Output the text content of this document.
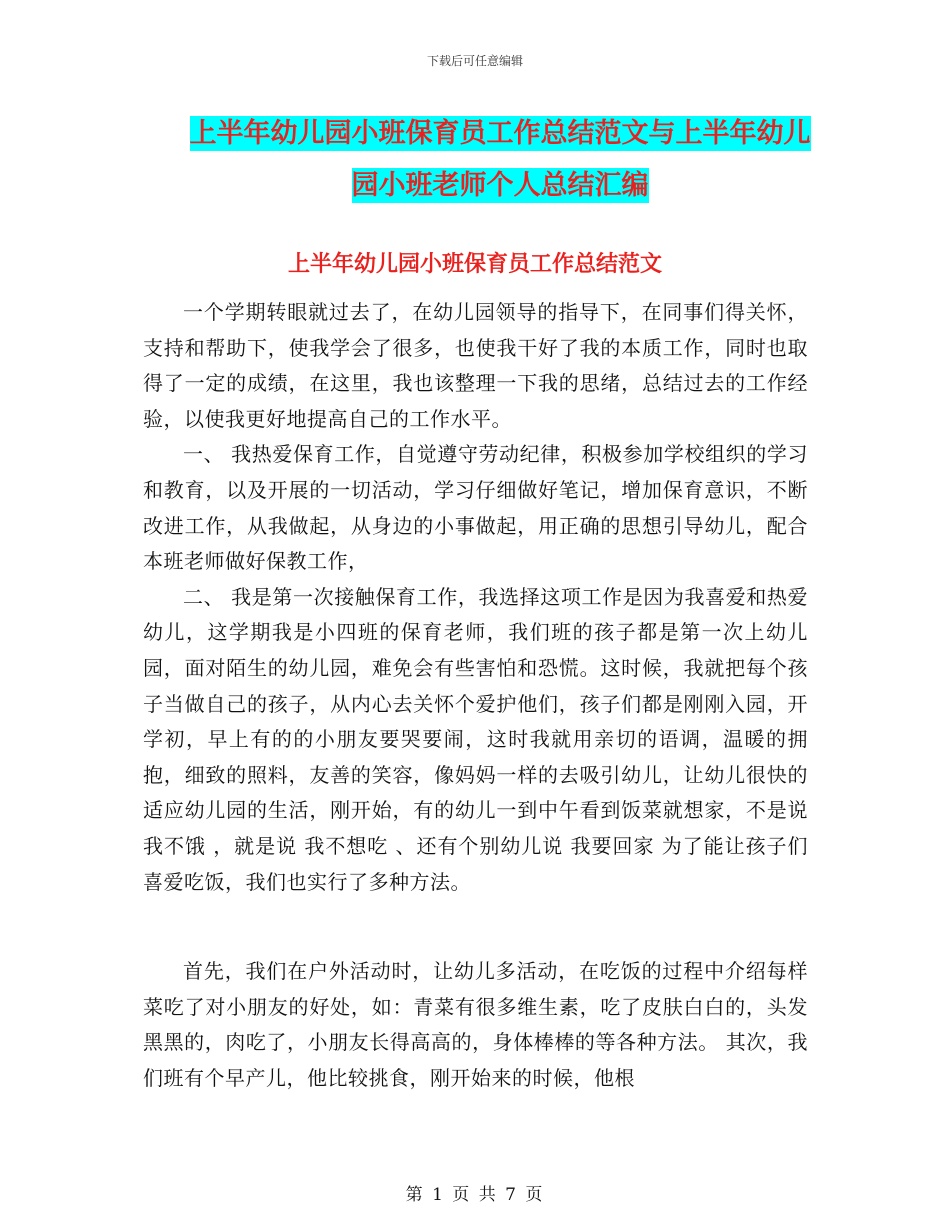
下载后可任意编辑
上半年幼儿园小班保育员工作总结范文与上半年幼儿
园小班老师个人总结汇编
上半年幼儿园小班保育员工作总结范文

一个学期转眼就过去了，在幼儿园领导的指导下，在同事们得关怀，支持和帮助下，使我学会了很多，也使我干好了我的本质工作，同时也取得了一定的成绩，在这里，我也该整理一下我的思绪，总结过去的工作经验，以使我更好地提高自己的工作水平。

一、 我热爱保育工作，自觉遵守劳动纪律，积极参加学校组织的学习和教育，以及开展的一切活动，学习仔细做好笔记，增加保育意识，不断改进工作，从我做起，从身边的小事做起，用正确的思想引导幼儿，配合本班老师做好保教工作，

二、 我是第一次接触保育工作，我选择这项工作是因为我喜爱和热爱幼儿，这学期我是小四班的保育老师，我们班的孩子都是第一次上幼儿园，面对陌生的幼儿园，难免会有些害怕和恐慌。这时候，我就把每个孩子当做自己的孩子，从内心去关怀个爱护他们，孩子们都是刚刚入园，开学初，早上有的的小朋友要哭要闹，这时我就用亲切的语调，温暖的拥抱，细致的照料，友善的笑容，像妈妈一样的去吸引幼儿，让幼儿很快的适应幼儿园的生活，刚开始，有的幼儿一到中午看到饭菜就想家，不是说 我不饿 ，就是说 我不想吃 、还有个别幼儿说 我要回家 为了能让孩子们喜爱吃饭，我们也实行了多种方法。

首先，我们在户外活动时，让幼儿多活动，在吃饭的过程中介绍每样菜吃了对小朋友的好处，如：青菜有很多维生素，吃了皮肤白白的，头发黑黑的，肉吃了，小朋友长得高高的，身体棒棒的等各种方法。 其次，我们班有个早产儿，他比较挑食，刚开始来的时候，他根

第 1 页 共 7 页
